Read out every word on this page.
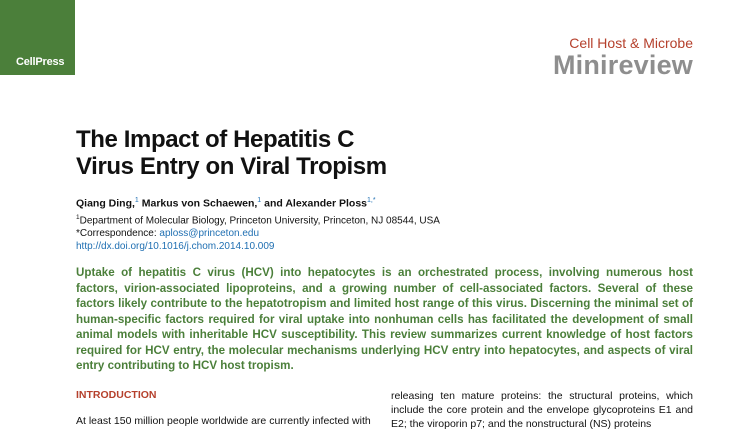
CellPress
Cell Host & Microbe
Minireview
The Impact of Hepatitis C
Virus Entry on Viral Tropism
Qiang Ding,$^1$ Markus von Schaewen,$^1$ and Alexander Ploss$^{1,*}$
$^1$Department of Molecular Biology, Princeton University, Princeton, NJ 08544, USA
*Correspondence: aploss@princeton.edu
http://dx.doi.org/10.1016/j.chom.2014.10.009

Uptake of hepatitis C virus (HCV) into hepatocytes is an orchestrated process, involving numerous host factors, virion-associated lipoproteins, and a growing number of cell-associated factors. Several of these factors likely contribute to the hepatotropism and limited host range of this virus. Discerning the minimal set of human-specific factors required for viral uptake into nonhuman cells has facilitated the development of small animal models with inheritable HCV susceptibility. This review summarizes current knowledge of host factors required for HCV entry, the molecular mechanisms underlying HCV entry into hepatocytes, and aspects of viral entry contributing to HCV host tropism.

INTRODUCTION
At least 150 million people worldwide are currently infected with

releasing ten mature proteins: the structural proteins, which include the core protein and the envelope glycoproteins E1 and E2; the viroporin p7; and the nonstructural (NS) proteins
